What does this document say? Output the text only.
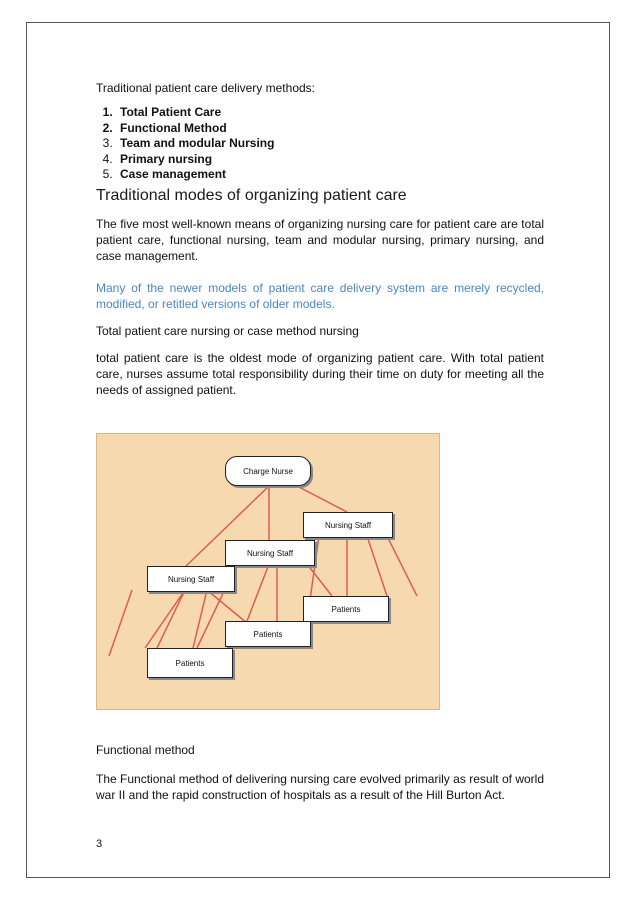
Traditional patient care delivery methods:
1. Total Patient Care
2. Functional Method
3. Team and modular Nursing
4. Primary nursing
5. Case management
Traditional modes of organizing patient care

The five most well-known means of organizing nursing care for patient care are total patient care, functional nursing, team and modular nursing, primary nursing, and case management.

Many of the newer models of patient care delivery system are merely recycled, modified, or retitled versions of older models.

Total patient care nursing or case method nursing

total patient care is the oldest mode of organizing patient care. With total patient care, nurses assume total responsibility during their time on duty for meeting all the needs of assigned patient.

Functional method

The Functional method of delivering nursing care evolved primarily as result of world war II and the rapid construction of hospitals as a result of the Hill Burton Act.

Charge Nurse
Nursing Staff
Nursing Staff
Nursing Staff
Patients
Patients
Patients
3
